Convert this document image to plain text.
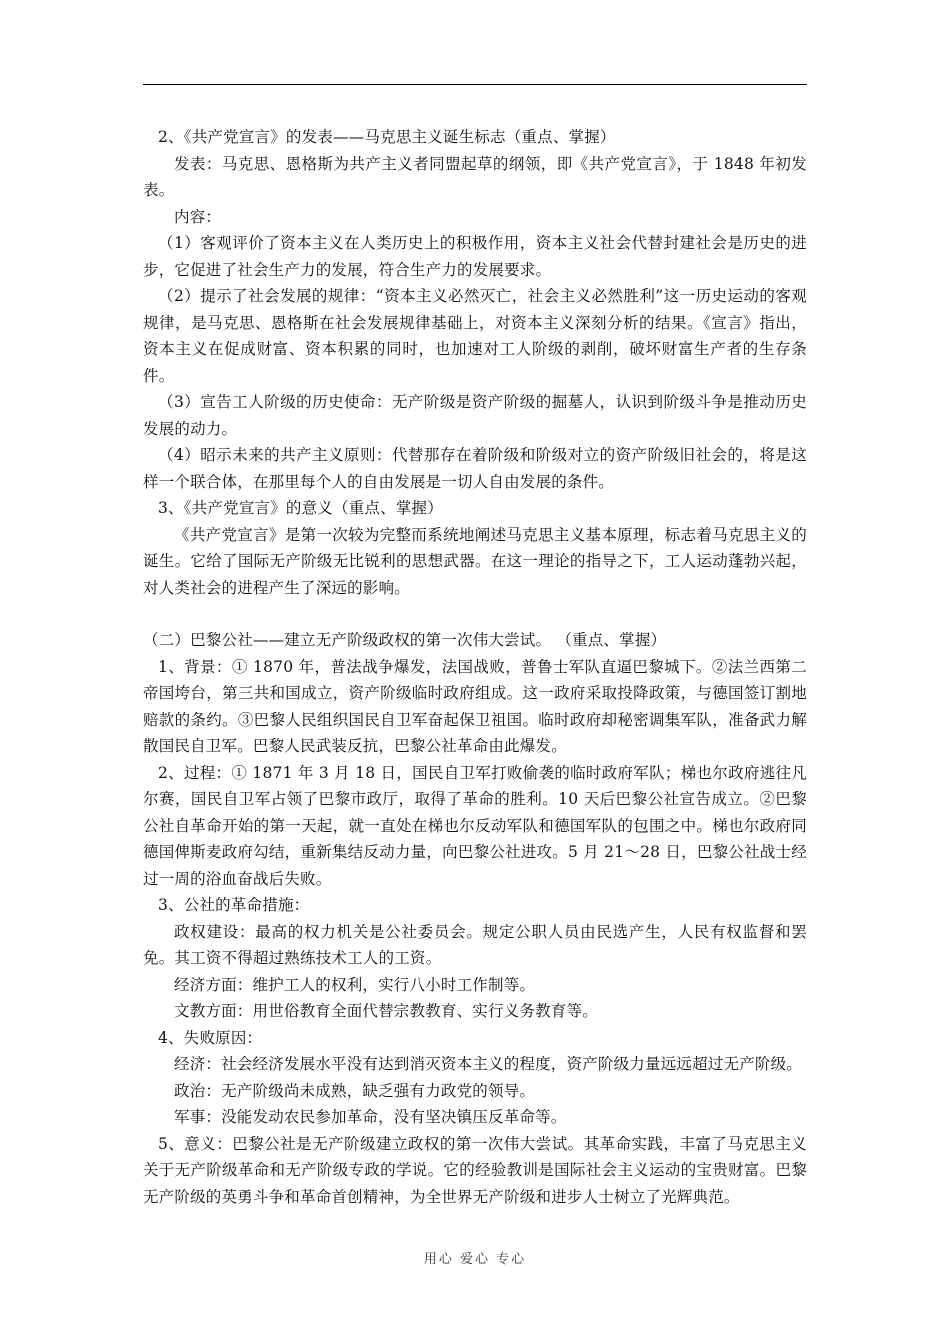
2、《共产党宣言》的发表——马克思主义诞生标志（重点、掌握）

发表：马克思、恩格斯为共产主义者同盟起草的纲领，即《共产党宣言》，于 1848 年初发表。

内容：

（1）客观评价了资本主义在人类历史上的积极作用，资本主义社会代替封建社会是历史的进步，它促进了社会生产力的发展，符合生产力的发展要求。

（2）提示了社会发展的规律：“资本主义必然灭亡，社会主义必然胜利”这一历史运动的客观规律，是马克思、恩格斯在社会发展规律基础上，对资本主义深刻分析的结果。《宣言》指出，资本主义在促成财富、资本积累的同时，也加速对工人阶级的剥削，破坏财富生产者的生存条件。

（3）宣告工人阶级的历史使命：无产阶级是资产阶级的掘墓人，认识到阶级斗争是推动历史发展的动力。

（4）昭示未来的共产主义原则：代替那存在着阶级和阶级对立的资产阶级旧社会的，将是这样一个联合体，在那里每个人的自由发展是一切人自由发展的条件。

3、《共产党宣言》的意义（重点、掌握）

《共产党宣言》是第一次较为完整而系统地阐述马克思主义基本原理，标志着马克思主义的诞生。它给了国际无产阶级无比锐利的思想武器。在这一理论的指导之下，工人运动蓬勃兴起，对人类社会的进程产生了深远的影响。

（二）巴黎公社——建立无产阶级政权的第一次伟大尝试。 （重点、掌握）

1、背景：① 1870 年，普法战争爆发，法国战败，普鲁士军队直逼巴黎城下。②法兰西第二帝国垮台，第三共和国成立，资产阶级临时政府组成。这一政府采取投降政策，与德国签订割地赔款的条约。③巴黎人民组织国民自卫军奋起保卫祖国。临时政府却秘密调集军队，准备武力解散国民自卫军。巴黎人民武装反抗，巴黎公社革命由此爆发。

2、过程：① 1871 年 3 月 18 日，国民自卫军打败偷袭的临时政府军队；梯也尔政府逃往凡尔赛，国民自卫军占领了巴黎市政厅，取得了革命的胜利。10 天后巴黎公社宣告成立。②巴黎公社自革命开始的第一天起，就一直处在梯也尔反动军队和德国军队的包围之中。梯也尔政府同德国俾斯麦政府勾结，重新集结反动力量，向巴黎公社进攻。5 月 21～28 日，巴黎公社战士经过一周的浴血奋战后失败。

3、公社的革命措施：

政权建设：最高的权力机关是公社委员会。规定公职人员由民选产生，人民有权监督和罢免。其工资不得超过熟练技术工人的工资。

经济方面：维护工人的权利，实行八小时工作制等。

文教方面：用世俗教育全面代替宗教教育、实行义务教育等。

4、失败原因：

经济：社会经济发展水平没有达到消灭资本主义的程度，资产阶级力量远远超过无产阶级。

政治：无产阶级尚未成熟，缺乏强有力政党的领导。

军事：没能发动农民参加革命，没有坚决镇压反革命等。

5、意义：巴黎公社是无产阶级建立政权的第一次伟大尝试。其革命实践，丰富了马克思主义关于无产阶级革命和无产阶级专政的学说。它的经验教训是国际社会主义运动的宝贵财富。巴黎无产阶级的英勇斗争和革命首创精神，为全世界无产阶级和进步人士树立了光辉典范。

用心 爱心 专心
